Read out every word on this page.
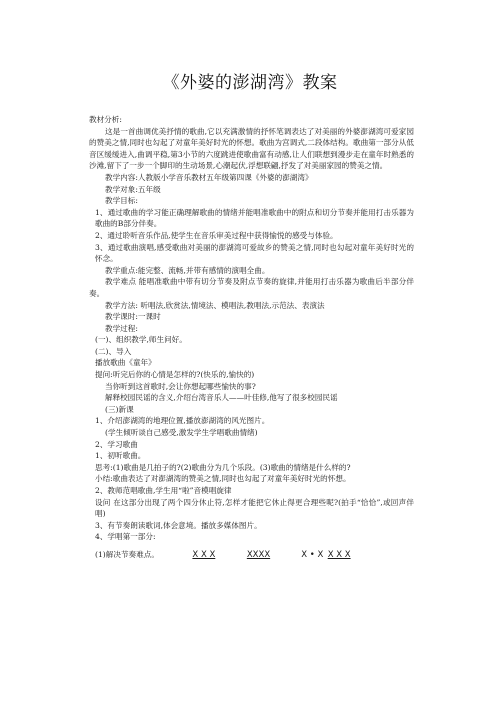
《外婆的澎湖湾》教案

教材分析:

这是一首曲调优美抒情的歌曲,它以充满激情的抒怀笔调表达了对美丽的外婆澎湖湾可爱家园的赞美之情,同时也勾起了对童年美好时光的怀想。歌曲为宫调式,二段体结构。歌曲第一部分从低音区缓缓进入,曲调平稳,第3小节的六度跳进使歌曲富有动感,让人们联想到漫步走在童年时熟悉的沙滩,留下了一步一个脚印的生动场景,心潮起伏,浮想联翩,抒发了对美丽家园的赞美之情。

教学内容:人教版小学音乐教材五年级第四课《外婆的澎湖湾》

教学对象:五年级

教学目标:

1、通过歌曲的学习能正确理解歌曲的情绪并能唱准歌曲中的附点和切分节奏并能用打击乐器为歌曲的B部分伴奏。

2、通过聆听音乐作品,使学生在音乐审美过程中获得愉悦的感受与体验。

3、通过歌曲演唱,感受歌曲对美丽的澎湖湾可爱故乡的赞美之情,同时也勾起对童年美好时光的怀念。

教学重点:能完整、流畅,并带有感情的演唱全曲。

教学难点 能唱准歌曲中带有切分节奏及附点节奏的旋律,并能用打击乐器为歌曲后半部分伴奏。

教学方法: 听唱法,欣赏法,情境法、模唱法,教唱法,示范法、表演法

教学课时:一课时

教学过程:

(一)、组织教学,师生问好。

(二)、导入

播放歌曲《童年》

提问:听完后你的心情是怎样的?(快乐的,愉快的)

当你听到这首歌时,会让你想起哪些愉快的事?

解释校园民谣的含义,介绍台湾音乐人——叶佳修,他写了很多校园民谣

(三)新课

1、介绍澎湖湾的地理位置,播放澎湖湾的风光图片。

(学生倾听谈自己感受,激发学生学唱歌曲情绪)

2、学习歌曲

1、初听歌曲。

思考:(1)歌曲是几拍子的?(2)歌曲分为几个乐段。(3)歌曲的情绪是什么样的?

小结:歌曲表达了对澎湖湾的赞美之情,同时也勾起了对童年美好时光的怀想。

2、教师范唱歌曲,学生用“啦”音模唱旋律

设问 在这部分出现了两个四分休止符,怎样才能把它休止得更合理些呢?(拍手“恰恰”,或回声伴唱)

3、有节奏朗读歌词,体会意境。播放多媒体图片。

4、学唱第一部分:

(1)解决节奏难点。	X X X	XXXX	X • X X X X
